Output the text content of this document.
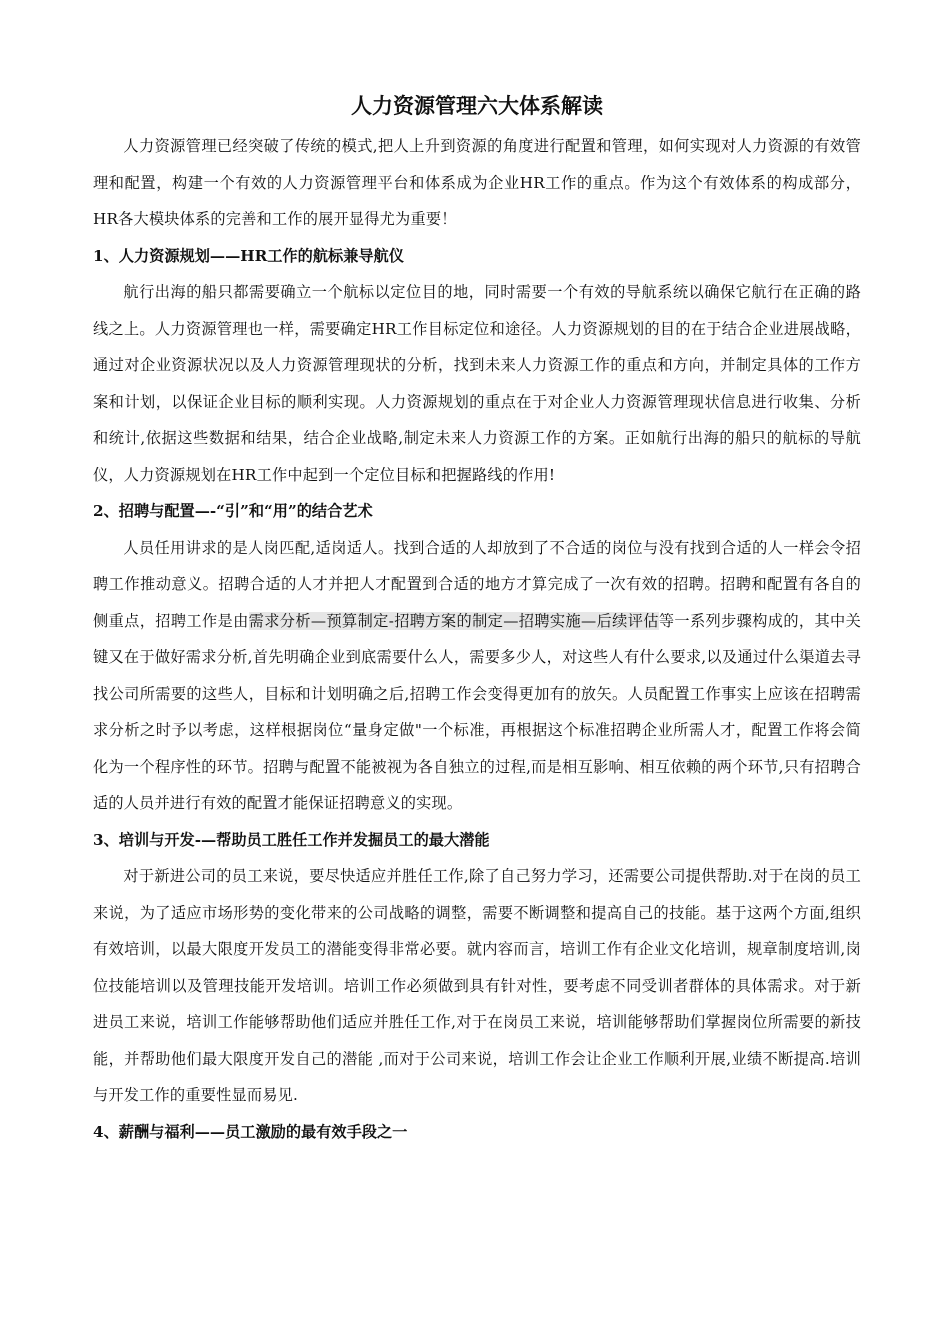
人力资源管理六大体系解读

人力资源管理已经突破了传统的模式,把人上升到资源的角度进行配置和管理，如何实现对人力资源的有效管理和配置，构建一个有效的人力资源管理平台和体系成为企业HR工作的重点。作为这个有效体系的构成部分，HR各大模块体系的完善和工作的展开显得尤为重要！

1、人力资源规划——HR工作的航标兼导航仪

航行出海的船只都需要确立一个航标以定位目的地，同时需要一个有效的导航系统以确保它航行在正确的路线之上。人力资源管理也一样，需要确定HR工作目标定位和途径。人力资源规划的目的在于结合企业进展战略，通过对企业资源状况以及人力资源管理现状的分析，找到未来人力资源工作的重点和方向，并制定具体的工作方案和计划，以保证企业目标的顺利实现。人力资源规划的重点在于对企业人力资源管理现状信息进行收集、分析和统计,依据这些数据和结果，结合企业战略,制定未来人力资源工作的方案。正如航行出海的船只的航标的导航仪，人力资源规划在HR工作中起到一个定位目标和把握路线的作用!

2、招聘与配置—-“引”和“用”的结合艺术

人员任用讲求的是人岗匹配,适岗适人。找到合适的人却放到了不合适的岗位与没有找到合适的人一样会令招聘工作推动意义。招聘合适的人才并把人才配置到合适的地方才算完成了一次有效的招聘。招聘和配置有各自的侧重点，招聘工作是由需求分析—预算制定-招聘方案的制定—招聘实施—后续评估等一系列步骤构成的，其中关键又在于做好需求分析,首先明确企业到底需要什么人，需要多少人，对这些人有什么要求,以及通过什么渠道去寻找公司所需要的这些人，目标和计划明确之后,招聘工作会变得更加有的放矢。人员配置工作事实上应该在招聘需求分析之时予以考虑，这样根据岗位“量身定做"一个标准，再根据这个标准招聘企业所需人才，配置工作将会简化为一个程序性的环节。招聘与配置不能被视为各自独立的过程,而是相互影响、相互依赖的两个环节,只有招聘合适的人员并进行有效的配置才能保证招聘意义的实现。

3、培训与开发-—帮助员工胜任工作并发掘员工的最大潜能

对于新进公司的员工来说，要尽快适应并胜任工作,除了自己努力学习，还需要公司提供帮助.对于在岗的员工来说，为了适应市场形势的变化带来的公司战略的调整，需要不断调整和提高自己的技能。基于这两个方面,组织有效培训，以最大限度开发员工的潜能变得非常必要。就内容而言，培训工作有企业文化培训，规章制度培训,岗位技能培训以及管理技能开发培训。培训工作必须做到具有针对性，要考虑不同受训者群体的具体需求。对于新进员工来说，培训工作能够帮助他们适应并胜任工作,对于在岗员工来说，培训能够帮助们掌握岗位所需要的新技能，并帮助他们最大限度开发自己的潜能 ,而对于公司来说，培训工作会让企业工作顺利开展,业绩不断提高.培训与开发工作的重要性显而易见.

4、薪酬与福利——员工激励的最有效手段之一
